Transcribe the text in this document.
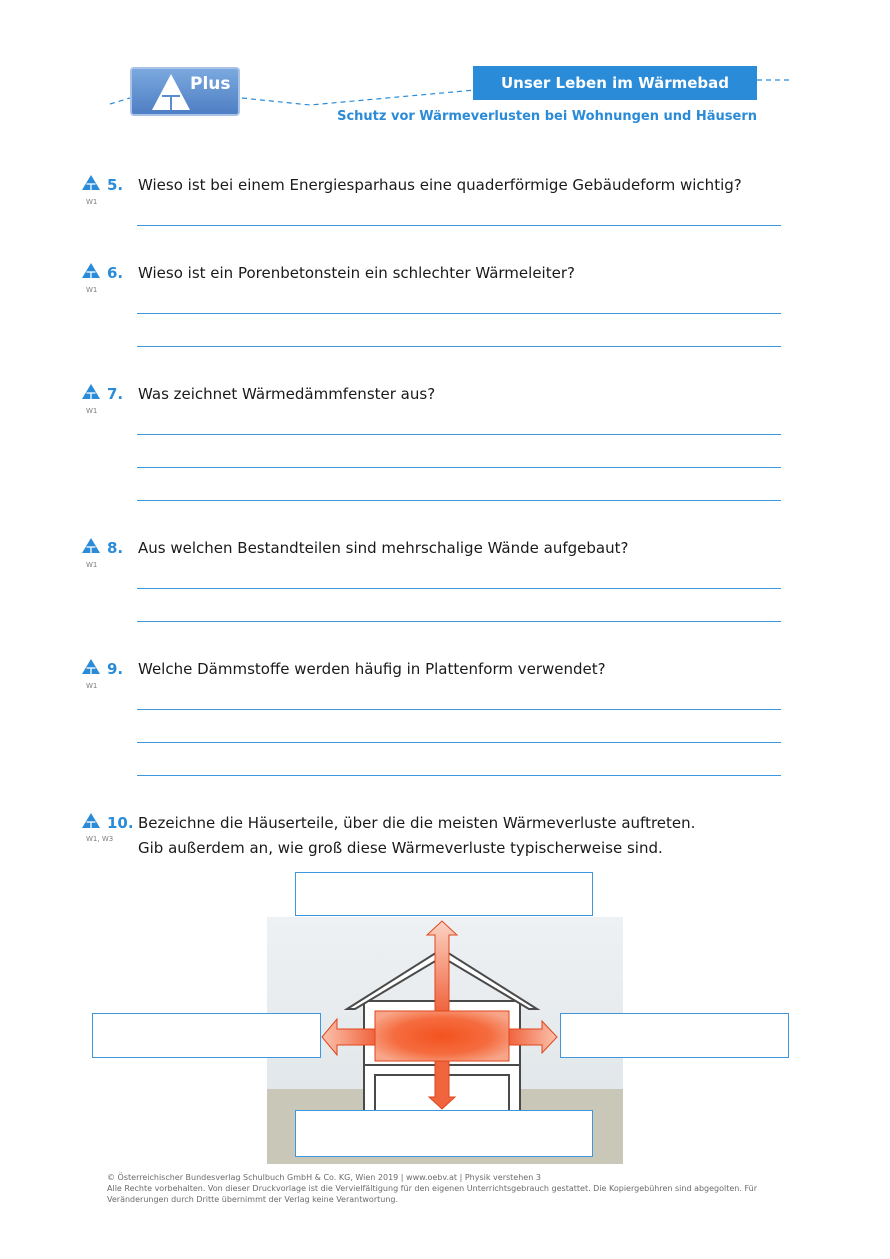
Plus	Unser Leben im Wärmebad
Schutz vor Wärmeverlusten bei Wohnungen und Häusern
W1
5. Wieso ist bei einem Energiesparhaus eine quaderförmige Gebäudeform wichtig?
W1
6. Wieso ist ein Porenbetonstein ein schlechter Wärmeleiter?
W1
7. Was zeichnet Wärmedämmfenster aus?
W1
8. Aus welchen Bestandteilen sind mehrschalige Wände aufgebaut?
W1
9. Welche Dämmstoffe werden häufig in Plattenform verwendet?
W1, W3
10. Bezeichne die Häuserteile, über die die meisten Wärmeverluste auftreten.
Gib außerdem an, wie groß diese Wärmeverluste typischerweise sind.
© Österreichischer Bundesverlag Schulbuch GmbH & Co. KG, Wien 2019 | www.oebv.at | Physik verstehen 3
Alle Rechte vorbehalten. Von dieser Druckvorlage ist die Vervielfältigung für den eigenen Unterrichtsgebrauch gestattet. Die Kopiergebühren sind abgegolten. Für Veränderungen durch Dritte übernimmt der Verlag keine Verantwortung.
